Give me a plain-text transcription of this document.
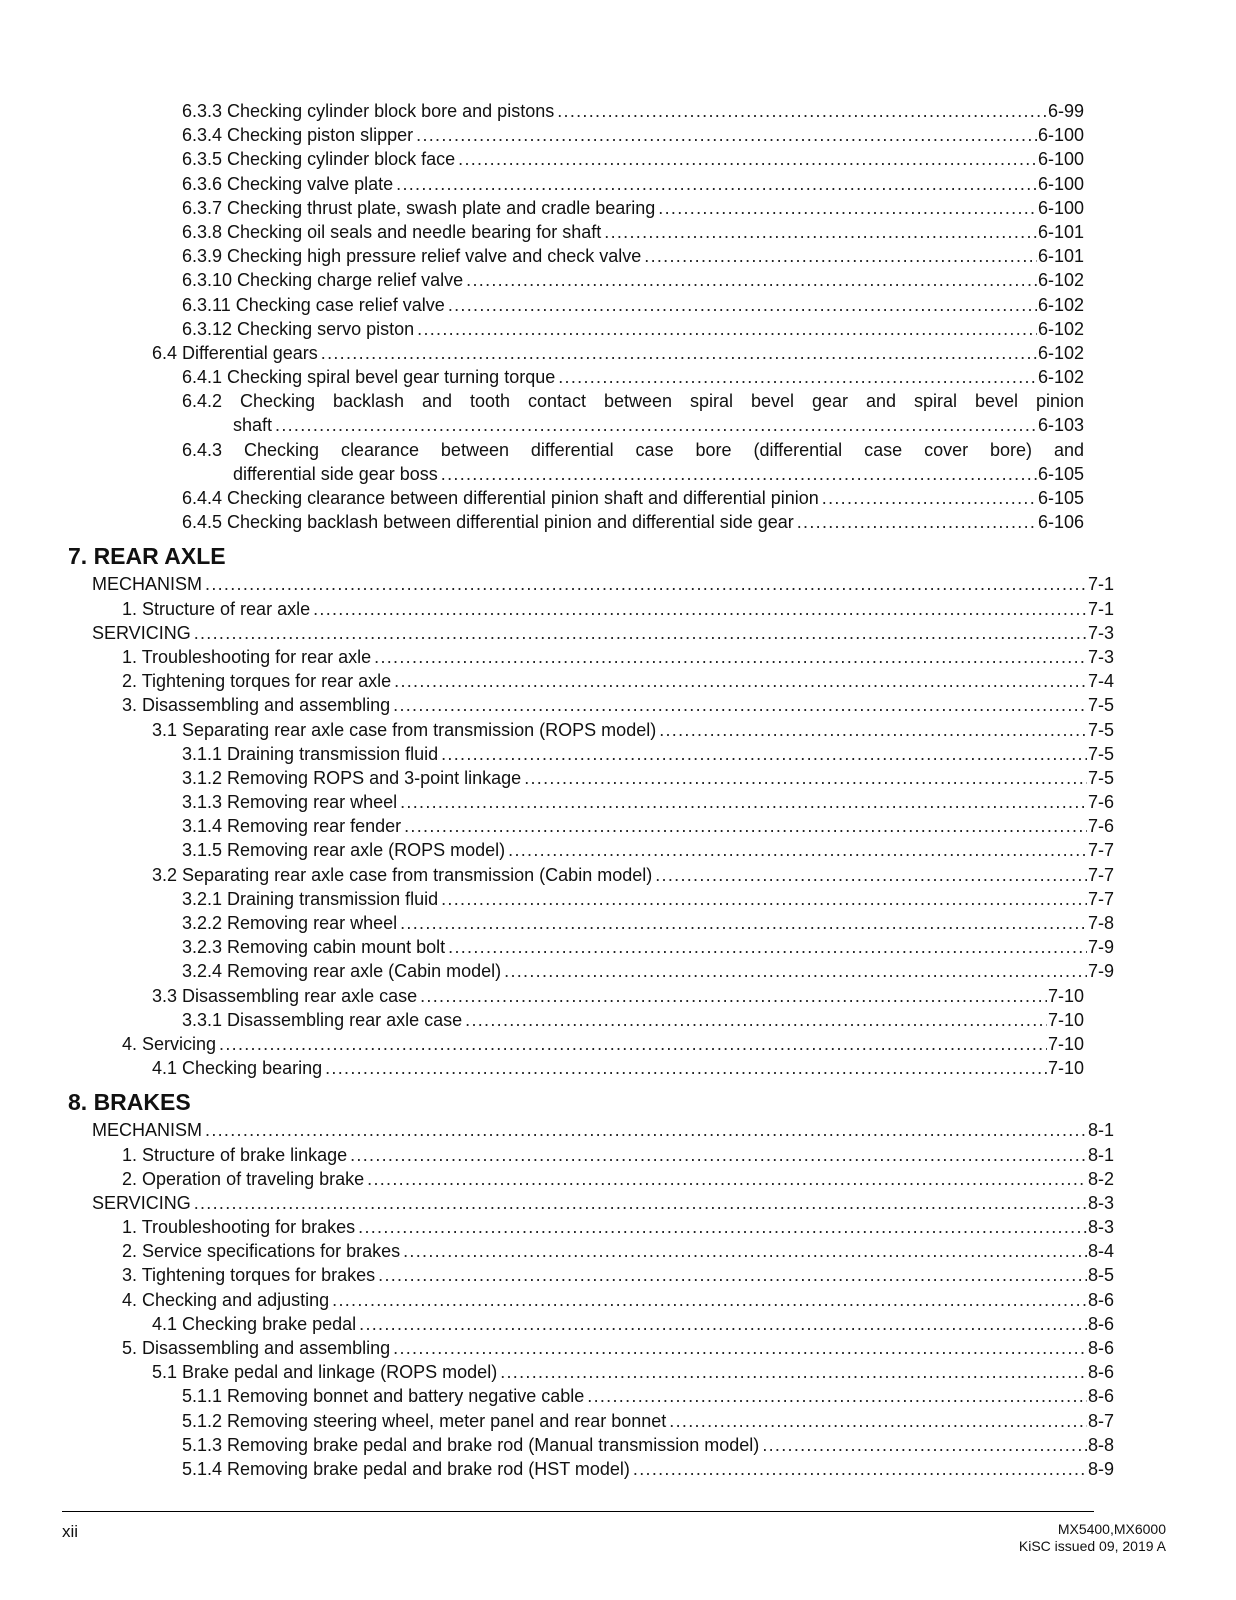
6.3.3 Checking cylinder block bore and pistons .....	6-99
6.3.4 Checking piston slipper .....	6-100
6.3.5 Checking cylinder block face .....	6-100
6.3.6 Checking valve plate .....	6-100
6.3.7 Checking thrust plate, swash plate and cradle bearing .....	6-100
6.3.8 Checking oil seals and needle bearing for shaft .....	6-101
6.3.9 Checking high pressure relief valve and check valve .....	6-101
6.3.10 Checking charge relief valve .....	6-102
6.3.11 Checking case relief valve .....	6-102
6.3.12 Checking servo piston .....	6-102
6.4 Differential gears .....	6-102
6.4.1 Checking spiral bevel gear turning torque .....	6-102
6.4.2 Checking backlash and tooth contact between spiral bevel gear and spiral bevel pinion
shaft .....	6-103
6.4.3 Checking clearance between differential case bore (differential case cover bore) and
differential side gear boss .....	6-105
6.4.4 Checking clearance between differential pinion shaft and differential pinion .....	6-105
6.4.5 Checking backlash between differential pinion and differential side gear .....	6-106
7. REAR AXLE
MECHANISM .....	7-1
1. Structure of rear axle .....	7-1
SERVICING .....	7-3
1. Troubleshooting for rear axle .....	7-3
2. Tightening torques for rear axle .....	7-4
3. Disassembling and assembling .....	7-5
3.1 Separating rear axle case from transmission (ROPS model) .....	7-5
3.1.1 Draining transmission fluid .....	7-5
3.1.2 Removing ROPS and 3-point linkage .....	7-5
3.1.3 Removing rear wheel .....	7-6
3.1.4 Removing rear fender .....	7-6
3.1.5 Removing rear axle (ROPS model) .....	7-7
3.2 Separating rear axle case from transmission (Cabin model) .....	7-7
3.2.1 Draining transmission fluid .....	7-7
3.2.2 Removing rear wheel .....	7-8
3.2.3 Removing cabin mount bolt .....	7-9
3.2.4 Removing rear axle (Cabin model) .....	7-9
3.3 Disassembling rear axle case .....	7-10
3.3.1 Disassembling rear axle case .....	7-10
4. Servicing .....	7-10
4.1 Checking bearing .....	7-10
8. BRAKES
MECHANISM .....	8-1
1. Structure of brake linkage .....	8-1
2. Operation of traveling brake .....	8-2
SERVICING .....	8-3
1. Troubleshooting for brakes .....	8-3
2. Service specifications for brakes .....	8-4
3. Tightening torques for brakes .....	8-5
4. Checking and adjusting .....	8-6
4.1 Checking brake pedal .....	8-6
5. Disassembling and assembling .....	8-6
5.1 Brake pedal and linkage (ROPS model) .....	8-6
5.1.1 Removing bonnet and battery negative cable .....	8-6
5.1.2 Removing steering wheel, meter panel and rear bonnet .....	8-7
5.1.3 Removing brake pedal and brake rod (Manual transmission model) .....	8-8
5.1.4 Removing brake pedal and brake rod (HST model) .....	8-9
xii	MX5400,MX6000
KiSC issued 09, 2019 A
